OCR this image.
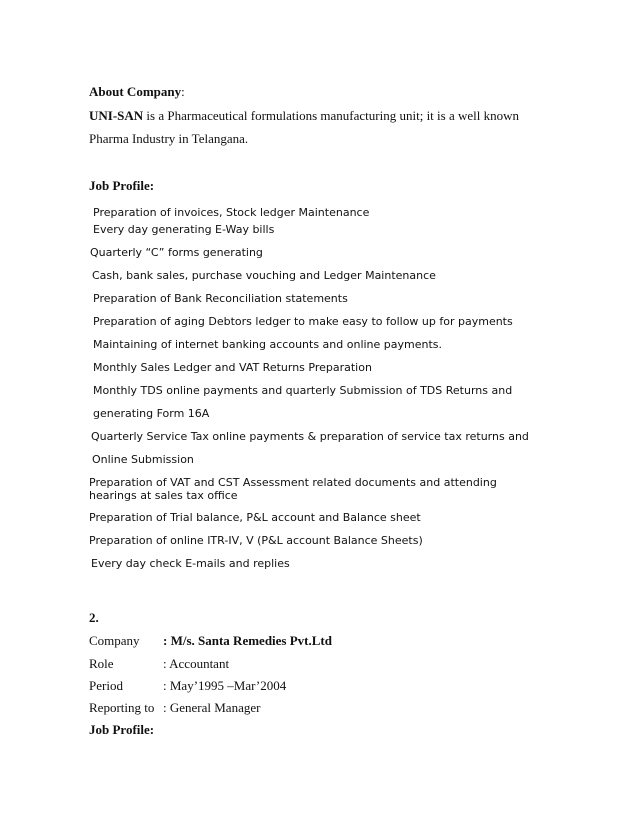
About Company:
UNI-SAN is a Pharmaceutical formulations manufacturing unit; it is a well known
Pharma Industry in Telangana.
Job Profile:
Preparation of invoices, Stock ledger Maintenance
Every day generating E-Way bills
Quarterly “C” forms generating
Cash, bank sales, purchase vouching and Ledger Maintenance
Preparation of Bank Reconciliation statements
Preparation of aging Debtors ledger to make easy to follow up for payments
Maintaining of internet banking accounts and online payments.
Monthly Sales Ledger and VAT Returns Preparation
Monthly TDS online payments and quarterly Submission of TDS Returns and
generating Form 16A
Quarterly Service Tax online payments & preparation of service tax returns and
Online Submission
Preparation of VAT and CST Assessment related documents and attending
hearings at sales tax office
Preparation of Trial balance, P&L account and Balance sheet
Preparation of online ITR-IV, V (P&L account Balance Sheets)
Every day check E-mails and replies
2.
Company : M/s. Santa Remedies Pvt.Ltd
Role	: Accountant
Period	: May’1995 –Mar’2004
Reporting to : General Manager
Job Profile:
